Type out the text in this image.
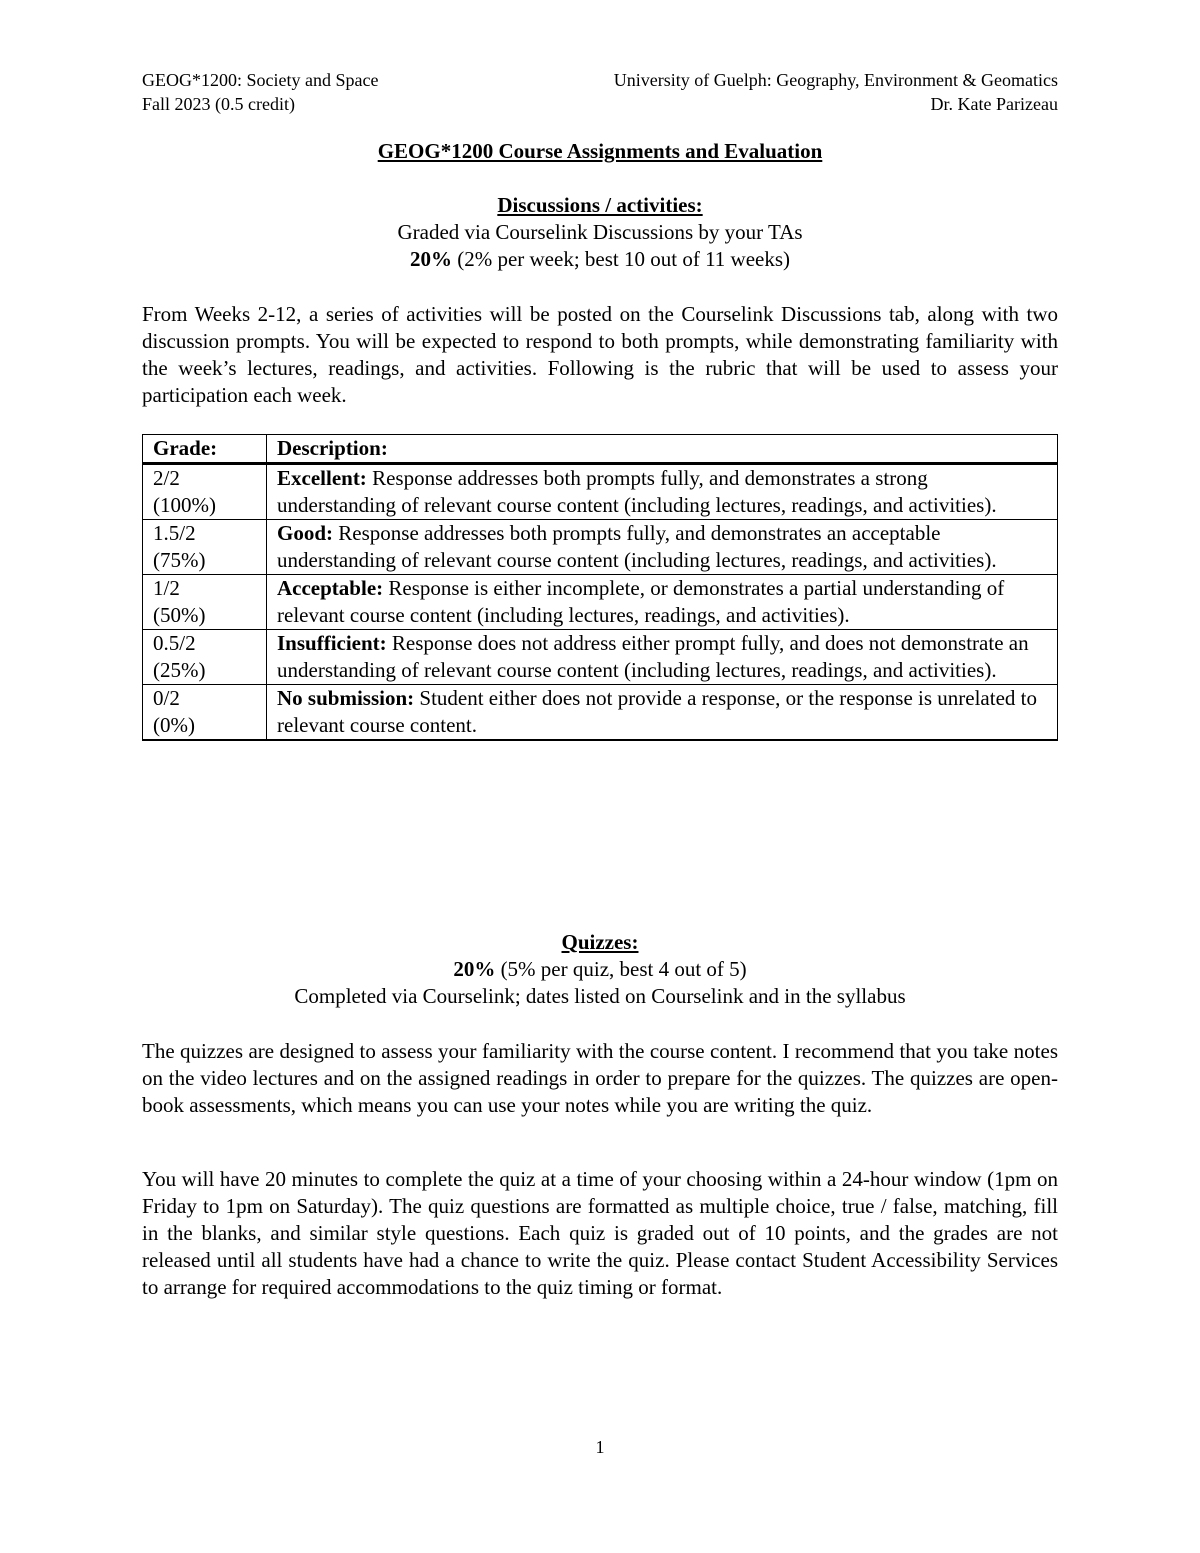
GEOG*1200: Society and Space	University of Guelph: Geography, Environment & Geomatics
Fall 2023 (0.5 credit)	Dr. Kate Parizeau
GEOG*1200 Course Assignments and Evaluation
Discussions / activities:
Graded via Courselink Discussions by your TAs
20% (2% per week; best 10 out of 11 weeks)

From Weeks 2-12, a series of activities will be posted on the Courselink Discussions tab, along with two discussion prompts. You will be expected to respond to both prompts, while demonstrating familiarity with the week’s lectures, readings, and activities. Following is the rubric that will be used to assess your participation each week.

Grade:	Description:

2/2
(100%)	Excellent: Response addresses both prompts fully, and demonstrates a strong understanding of relevant course content (including lectures, readings, and activities).

1.5/2
(75%)	Good: Response addresses both prompts fully, and demonstrates an acceptable understanding of relevant course content (including lectures, readings, and activities).

1/2
(50%)	Acceptable: Response is either incomplete, or demonstrates a partial understanding of relevant course content (including lectures, readings, and activities).

0.5/2
(25%)	Insufficient: Response does not address either prompt fully, and does not demonstrate an understanding of relevant course content (including lectures, readings, and activities).

0/2
(0%)	No submission: Student either does not provide a response, or the response is unrelated to relevant course content.
Quizzes:
20% (5% per quiz, best 4 out of 5)
Completed via Courselink; dates listed on Courselink and in the syllabus

The quizzes are designed to assess your familiarity with the course content. I recommend that you take notes on the video lectures and on the assigned readings in order to prepare for the quizzes. The quizzes are open-book assessments, which means you can use your notes while you are writing the quiz.

You will have 20 minutes to complete the quiz at a time of your choosing within a 24-hour window (1pm on Friday to 1pm on Saturday). The quiz questions are formatted as multiple choice, true / false, matching, fill in the blanks, and similar style questions. Each quiz is graded out of 10 points, and the grades are not released until all students have had a chance to write the quiz. Please contact Student Accessibility Services to arrange for required accommodations to the quiz timing or format.

1
